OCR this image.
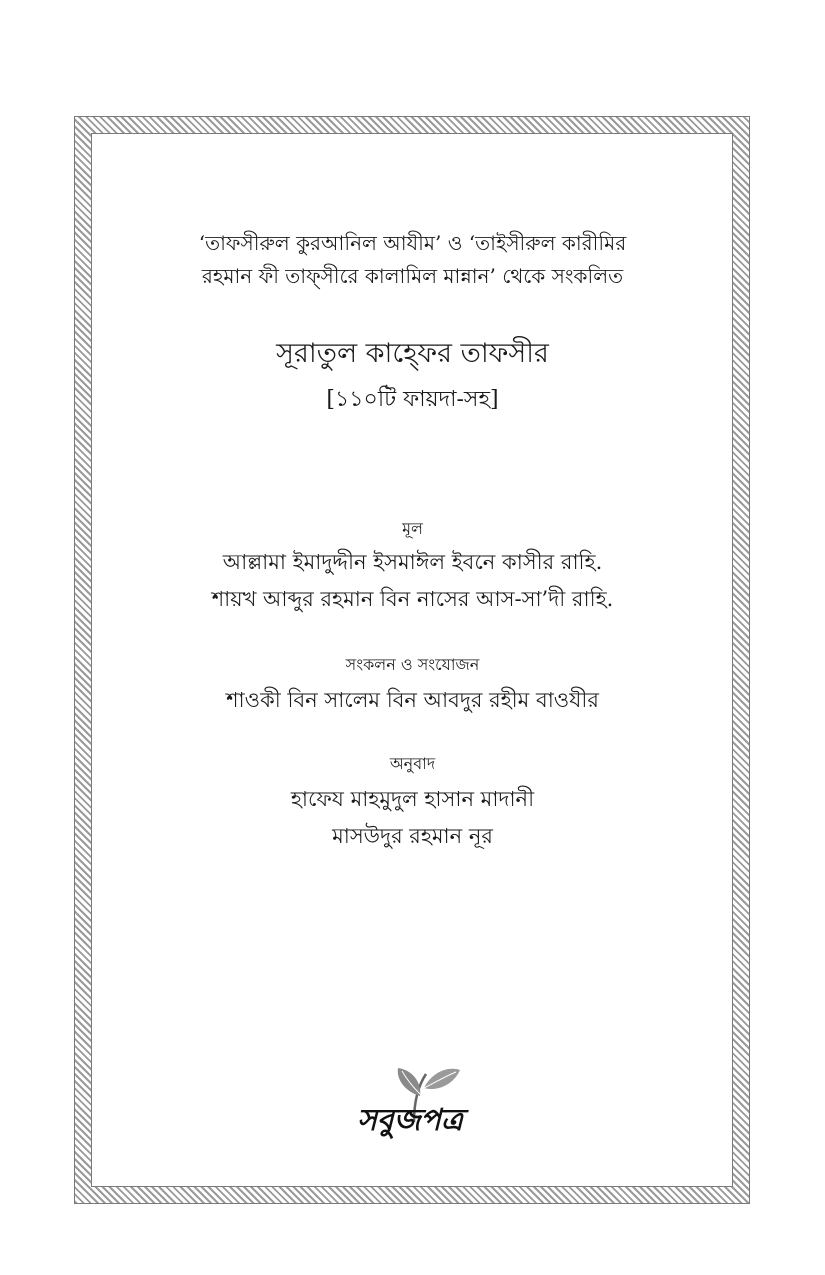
‘তাফসীরুল কুরআনিল আযীম’ ও ‘তাইসীরুল কারীমির
রহমান ফী তাফ্সীরে কালামিল মান্নান’ থেকে সংকলিত
সূরাতুল কাহ্ফের তাফসীর
[১১০টি ফায়দা-সহ]
মূল
আল্লামা ইমাদুদ্দীন ইসমাঈল ইবনে কাসীর রাহি.
শায়খ আব্দুর রহমান বিন নাসের আস-সা’দী রাহি.
সংকলন ও সংযোজন
শাওকী বিন সালেম বিন আবদুর রহীম বাওযীর
অনুবাদ
হাফেয মাহমুদুল হাসান মাদানী
মাসউদুর রহমান নূর
সবুজপত্র
